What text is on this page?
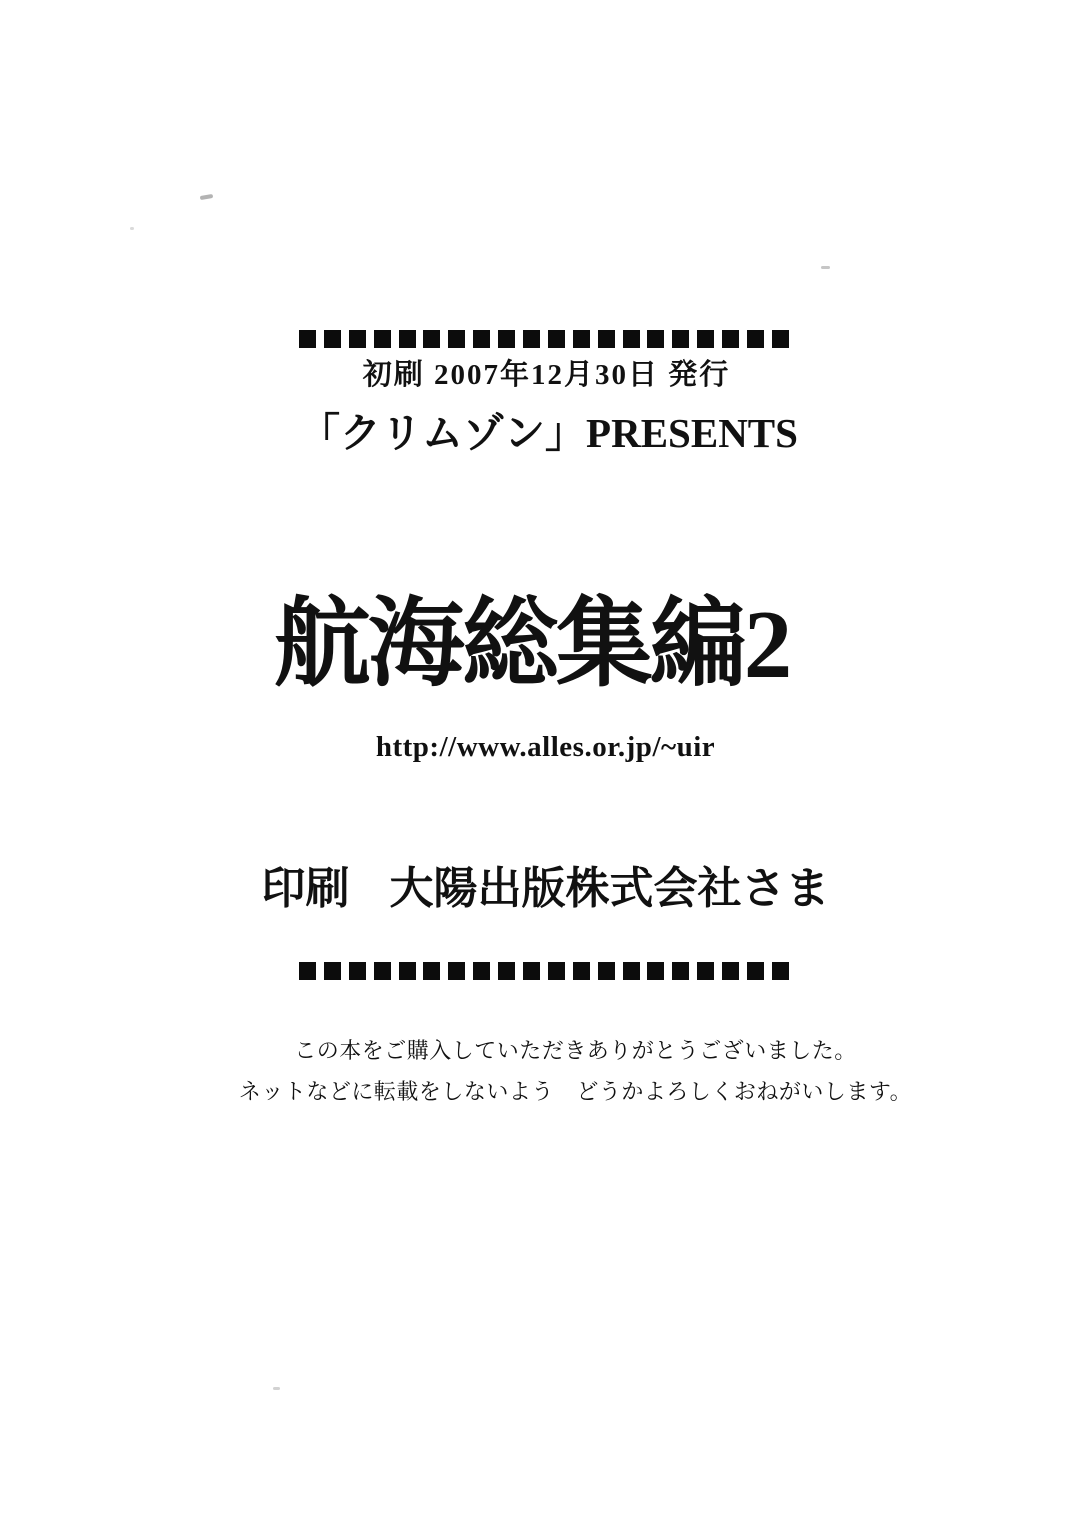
初刷 2007年12月30日 発行
「クリムゾン」PRESENTS
航海総集編2
http://www.alles.or.jp/~uir
印刷 大陽出版株式会社さま

この本をご購入していただきありがとうございました。

ネットなどに転載をしないよう　どうかよろしくおねがいします。
